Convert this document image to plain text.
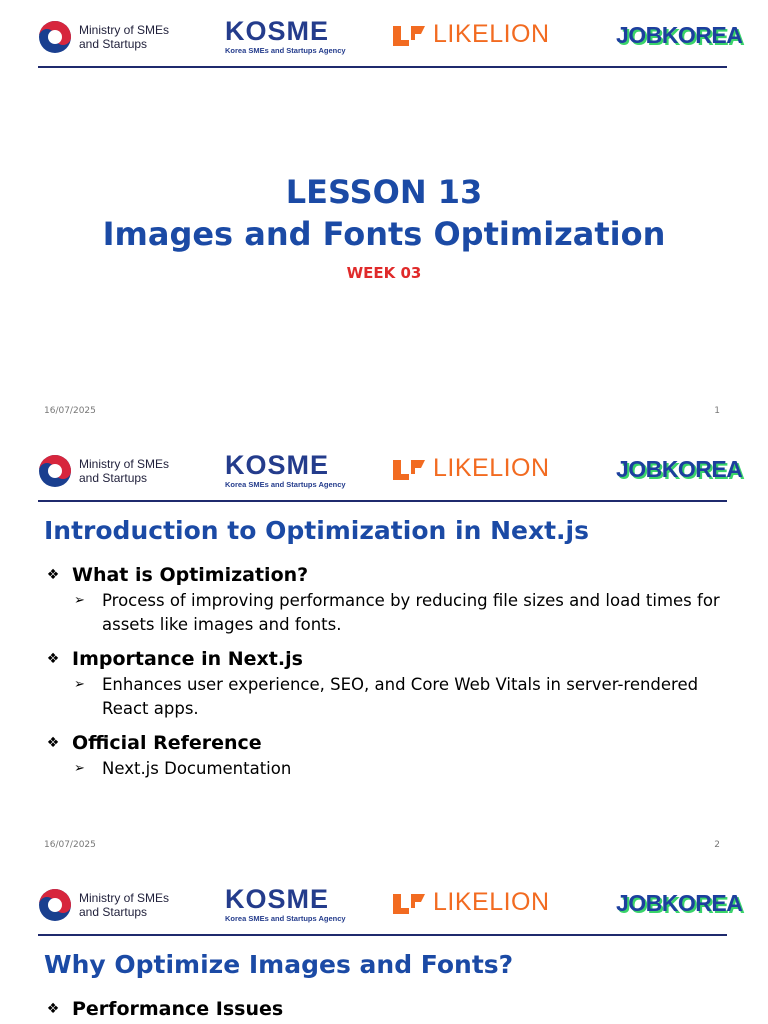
Ministry of SMEs
and Startups	KOSME
Korea SMEs and Startups Agency
LIKELION	JOBKOREA
LESSON 13
Images and Fonts Optimization
WEEK 03
16/07/2025	1
Ministry of SMEs
and Startups	KOSME
Korea SMEs and Startups Agency
LIKELION	JOBKOREA
Introduction to Optimization in Next.js
❖ What is Optimization?
➢	Process of improving performance by reducing file sizes and load times for assets like images and fonts.
❖ Importance in Next.js
➢	Enhances user experience, SEO, and Core Web Vitals in server-rendered React apps.
❖ Official Reference
➢	Next.js Documentation
16/07/2025	2
Ministry of SMEs
and Startups	KOSME
Korea SMEs and Startups Agency
LIKELION	JOBKOREA
Why Optimize Images and Fonts?
❖ Performance Issues
